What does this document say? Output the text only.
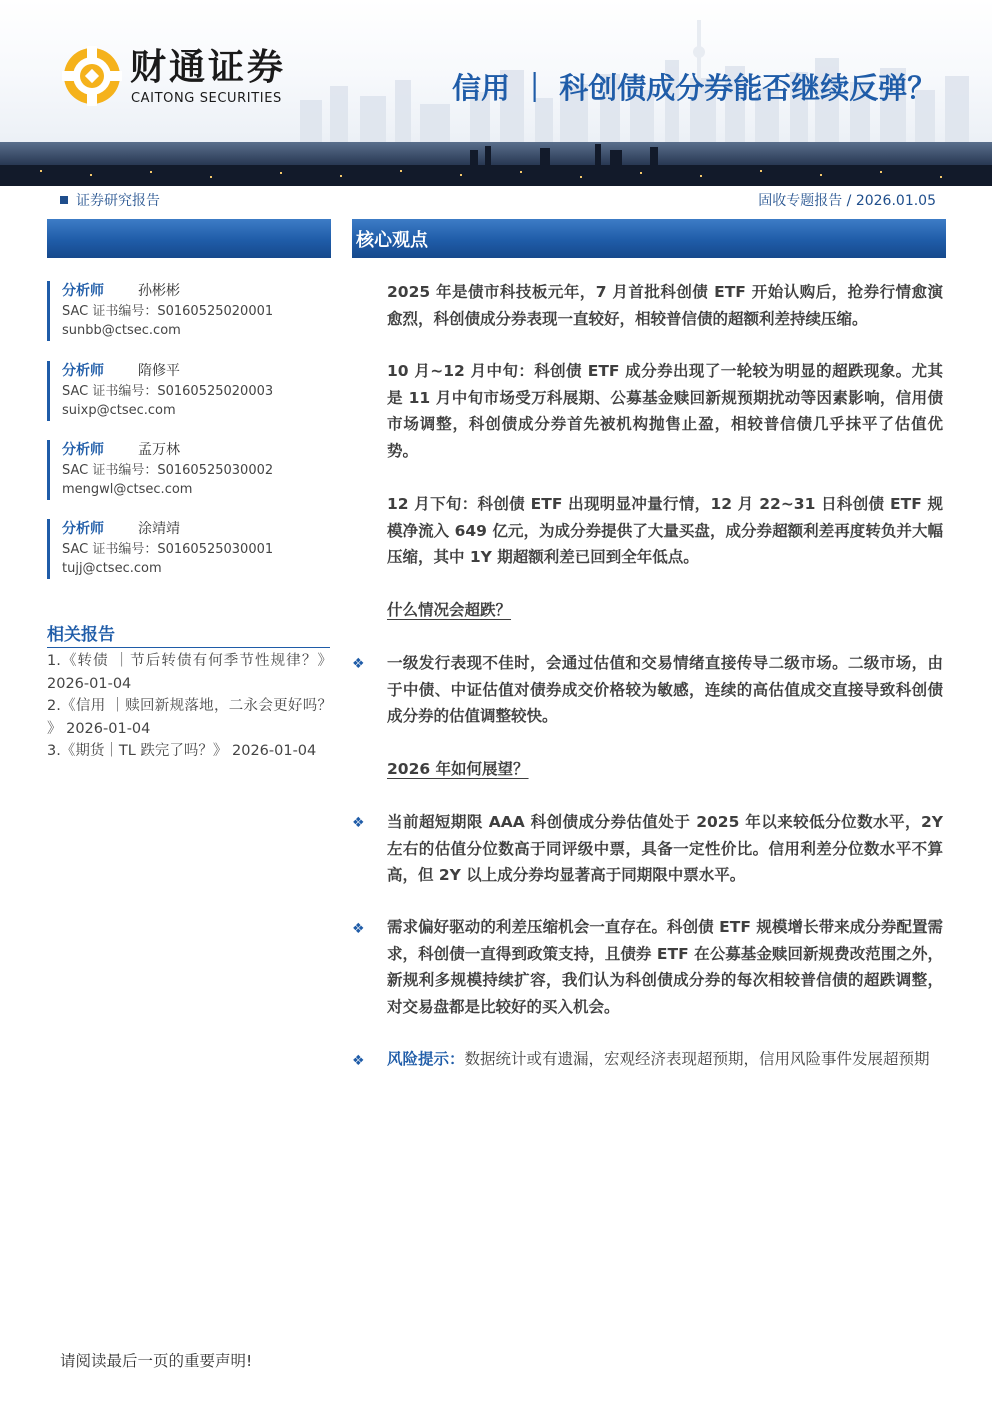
财通证券
CAITONG SECURITIES	信用 ｜ 科创债成分券能否继续反弹？
证券研究报告	固收专题报告 / 2026.01.05
核心观点
分析师 孙彬彬
SAC 证书编号：S0160525020001
sunbb@ctsec.com
分析师 隋修平
SAC 证书编号：S0160525020003
suixp@ctsec.com
分析师 孟万林
SAC 证书编号：S0160525030002
mengwl@ctsec.com
分析师 涂靖靖
SAC 证书编号：S0160525030001
tujj@ctsec.com
相关报告
1.《转债 ｜节后转债有何季节性规律？》 2026-01-04
2.《信用 ｜赎回新规落地，二永会更好吗？ 》 2026-01-04
3.《期货｜TL 跌完了吗？》 2026-01-04

2025 年是债市科技板元年，7 月首批科创债 ETF 开始认购后，抢券行情愈演愈烈，科创债成分券表现一直较好，相较普信债的超额利差持续压缩。

10 月~12 月中旬：科创债 ETF 成分券出现了一轮较为明显的超跌现象。尤其是 11 月中旬市场受万科展期、公募基金赎回新规预期扰动等因素影响，信用债市场调整，科创债成分券首先被机构抛售止盈，相较普信债几乎抹平了估值优势。

12 月下旬：科创债 ETF 出现明显冲量行情，12 月 22~31 日科创债 ETF 规模净流入 649 亿元，为成分券提供了大量买盘，成分券超额利差再度转负并大幅压缩，其中 1Y 期超额利差已回到全年低点。

什么情况会超跌？
❖ 一级发行表现不佳时，会通过估值和交易情绪直接传导二级市场。二级市场，由于中债、中证估值对债券成交价格较为敏感，连续的高估值成交直接导致科创债成分券的估值调整较快。

2026 年如何展望？
❖ 当前超短期限 AAA 科创债成分券估值处于 2025 年以来较低分位数水平，2Y 左右的估值分位数高于同评级中票，具备一定性价比。信用利差分位数水平不算高，但 2Y 以上成分券均显著高于同期限中票水平。

❖ 需求偏好驱动的利差压缩机会一直存在。科创债 ETF 规模增长带来成分券配置需求，科创债一直得到政策支持，且债券 ETF 在公募基金赎回新规费改范围之外，新规利多规模持续扩容，我们认为科创债成分券的每次相较普信债的超跌调整，对交易盘都是比较好的买入机会。

❖ 风险提示：数据统计或有遗漏，宏观经济表现超预期，信用风险事件发展超预期

请阅读最后一页的重要声明!
